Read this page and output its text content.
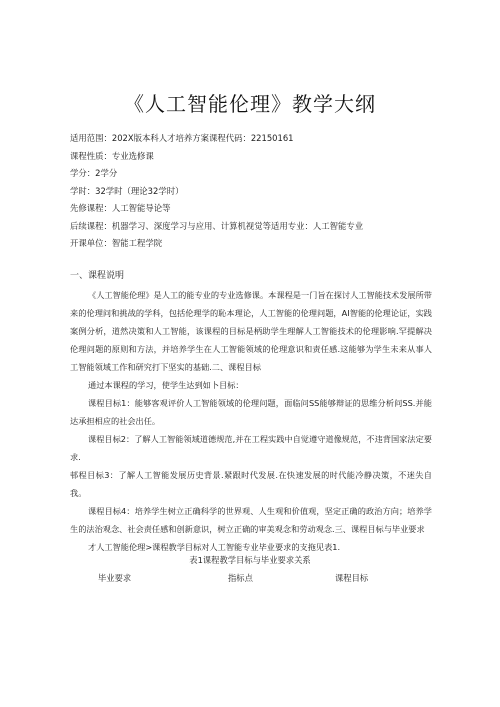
《人工智能伦理》教学大纲
适用范围：202X版本科人才培养方案课程代码：22150161
课程性质：专业选修课
学分：2学分
学时：32学时（理论32学时）
先修课程：人工智能导论等
后续课程：机器学习、深度学习与应用、计算机视觉等适用专业：人工智能专业
开课单位：智能工程学院
一、课程说明

《人工智能伦理》是人工的能专业的专业选修课。本课程是一门旨在探讨人工智能技术发展所带来的伦理问和挑战的学科，包括伦理学的恥本理论，人工智能的伦理问题，AI智能的伦理论证，实践案例分析，道然决策和人工智能，该课程的目标是柄助学生理解人工智能技术的伦理影响.罕提解决伦理问题的原则和方法，并培养学生在人工智能领域的伦理意识和责任感.这能够为学生未来从事人工智能领域工作和研究打下坚实的基础.二、课程目标

通过本课程的学习，使学生达到如卜目标：

课程目标1：能够客观评价人工智能领域的伦理问题，面临问SS能够辩证的思维分析问SS.并能达承担相应的社会出任。

课程目标2：了解人工智能领域道德规范,并在工程实践中自觉遵守道像规范，不违背国家法定要求.

邨程目标3：了解人工智能发展历史背景.紧跟时代发展.在快速发展的时代能冷静决策，不迷失自我。

课程目标4：培养学生树立正确科学的世界观、人生观和价值观，坚定正确的政治方向；培养学生的法治观念、社会责任感和创新意识，树立正确的审美观念和劳动观念.三、课程目标与毕业要求

才人工智能伦理>课程教学目标对人工智能专业毕业要求的支拖见表1.

表1课程教学目标与毕业要求关系
毕业要求	指标点	课程目标
